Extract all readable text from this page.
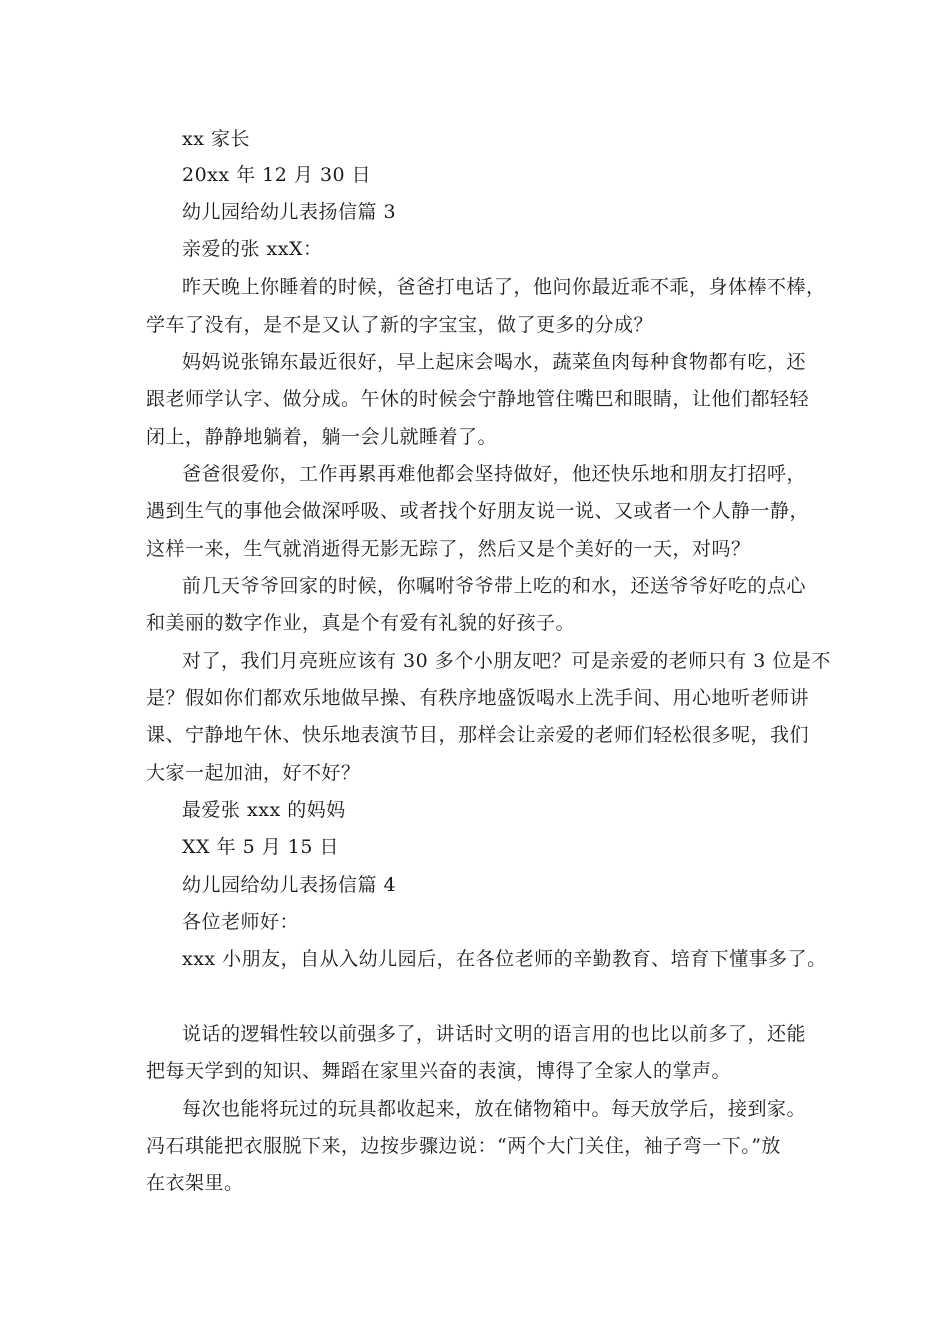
xx 家长
20xx 年 12 月 30 日
幼儿园给幼儿表扬信篇 3
亲爱的张 xxX：
昨天晚上你睡着的时候，爸爸打电话了，他问你最近乖不乖，身体棒不棒，
学车了没有，是不是又认了新的字宝宝，做了更多的分成？
妈妈说张锦东最近很好，早上起床会喝水，蔬菜鱼肉每种食物都有吃，还
跟老师学认字、做分成。午休的时候会宁静地管住嘴巴和眼睛，让他们都轻轻
闭上，静静地躺着，躺一会儿就睡着了。
爸爸很爱你，工作再累再难他都会坚持做好，他还快乐地和朋友打招呼，
遇到生气的事他会做深呼吸、或者找个好朋友说一说、又或者一个人静一静，
这样一来，生气就消逝得无影无踪了，然后又是个美好的一天，对吗？
前几天爷爷回家的时候，你嘱咐爷爷带上吃的和水，还送爷爷好吃的点心
和美丽的数字作业，真是个有爱有礼貌的好孩子。
对了，我们月亮班应该有 30 多个小朋友吧？可是亲爱的老师只有 3 位是不
是？假如你们都欢乐地做早操、有秩序地盛饭喝水上洗手间、用心地听老师讲
课、宁静地午休、快乐地表演节目，那样会让亲爱的老师们轻松很多呢，我们
大家一起加油，好不好？
最爱张 xxx 的妈妈
XX 年 5 月 15 日
幼儿园给幼儿表扬信篇 4
各位老师好：
xxx 小朋友，自从入幼儿园后，在各位老师的辛勤教育、培育下懂事多了。
说话的逻辑性较以前强多了，讲话时文明的语言用的也比以前多了，还能
把每天学到的知识、舞蹈在家里兴奋的表演，博得了全家人的掌声。
每次也能将玩过的玩具都收起来，放在储物箱中。每天放学后，接到家。
冯石琪能把衣服脱下来，边按步骤边说：“两个大门关住，袖子弯一下。”放
在衣架里。
